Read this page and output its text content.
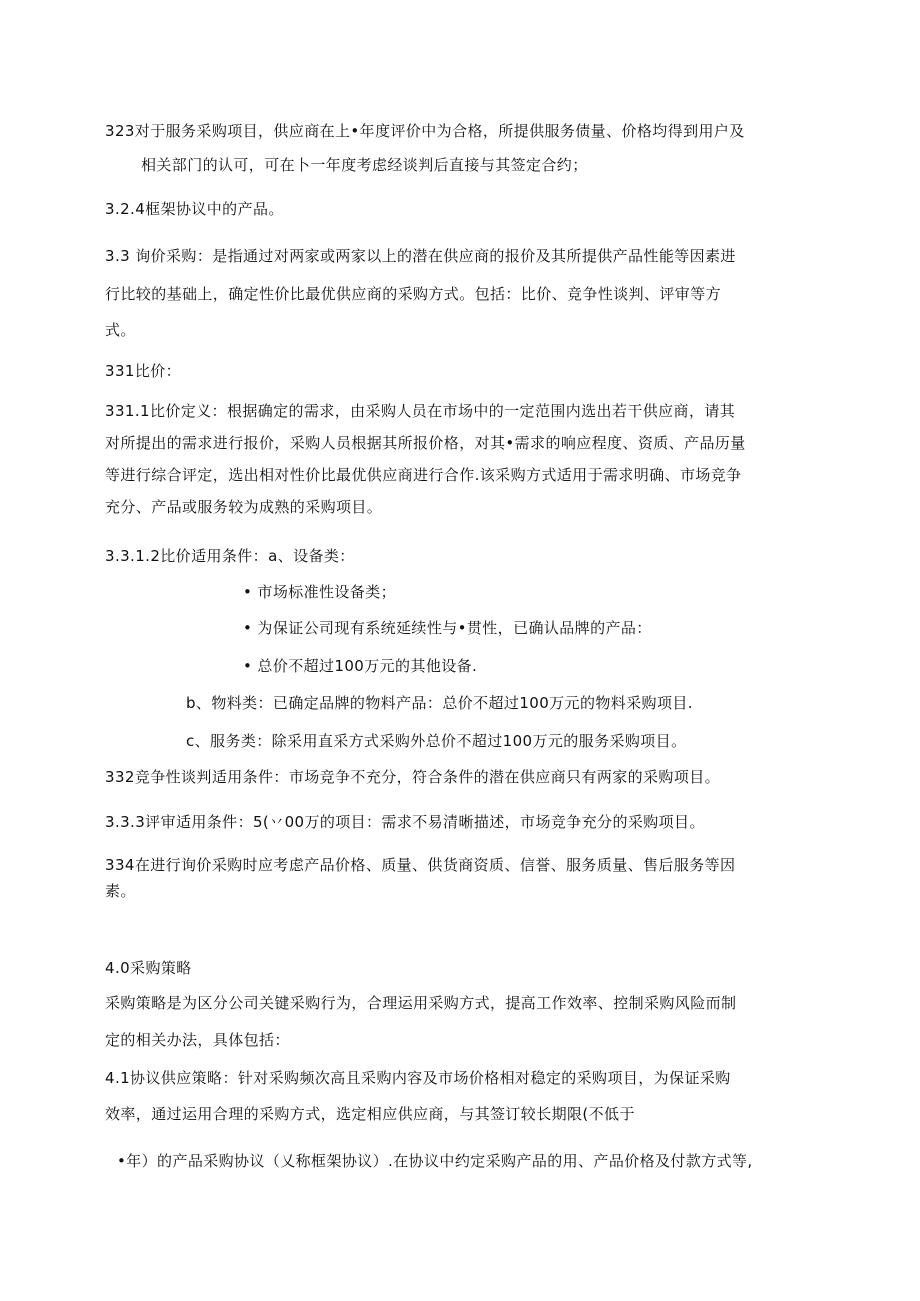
323对于服务采购项目，供应商在上•年度评价中为合格，所提供服务债量、价格均得到用户及
相关部门的认可，可在卜一年度考虑经谈判后直接与其签定合约；
3.2.4框架协议中的产品。
3.3 询价采购：是指通过对两家或两家以上的潜在供应商的报价及其所提供产品性能等因素进
行比较的基础上，确定性价比最优供应商的采购方式。包括：比价、竞争性谈判、评审等方
式。
331比价：
331.1比价定义：根据确定的需求，由采购人员在市场中的一定范围内选出若干供应商，请其
对所提出的需求进行报价，采购人员根据其所报价格，对其•需求的响应程度、资质、产品历量
等进行综合评定，选出相对性价比最优供应商进行合作.该采购方式适用于需求明确、市场竞争
充分、产品或服务较为成熟的采购项目。
3.3.1.2比价适用条件：a、设备类：
• 市场标准性设备类；
• 为保证公司现有系统延续性与•贯性，已确认品牌的产品：
• 总价不超过100万元的其他设备.
b、物料类：已确定品牌的物料产品：总价不超过100万元的物料采购项目.
c、服务类：除采用直采方式采购外总价不超过100万元的服务采购项目。
332竞争性谈判适用条件：市场竞争不充分，符合条件的潜在供应商只有两家的采购项目。
3.3.3评审适用条件：5(丷00万的项目：需求不易清晰描述，市场竞争充分的采购项目。
334在进行询价采购时应考虑产品价格、质量、供货商资质、信誉、服务质量、售后服务等因
素。
4.0采购策略
采购策略是为区分公司关键采购行为，合理运用采购方式，提高工作效率、控制采购风险而制
定的相关办法，具体包括：
4.1协议供应策略：针对采购频次高且采购内容及市场价格相对稳定的采购项目，为保证采购
效率，通过运用合理的采购方式，选定相应供应商，与其签订较长期限(不低于
•年）的产品采购协议（乂称框架协议）.在协议中约定采购产品的用、产品价格及付款方式等,
